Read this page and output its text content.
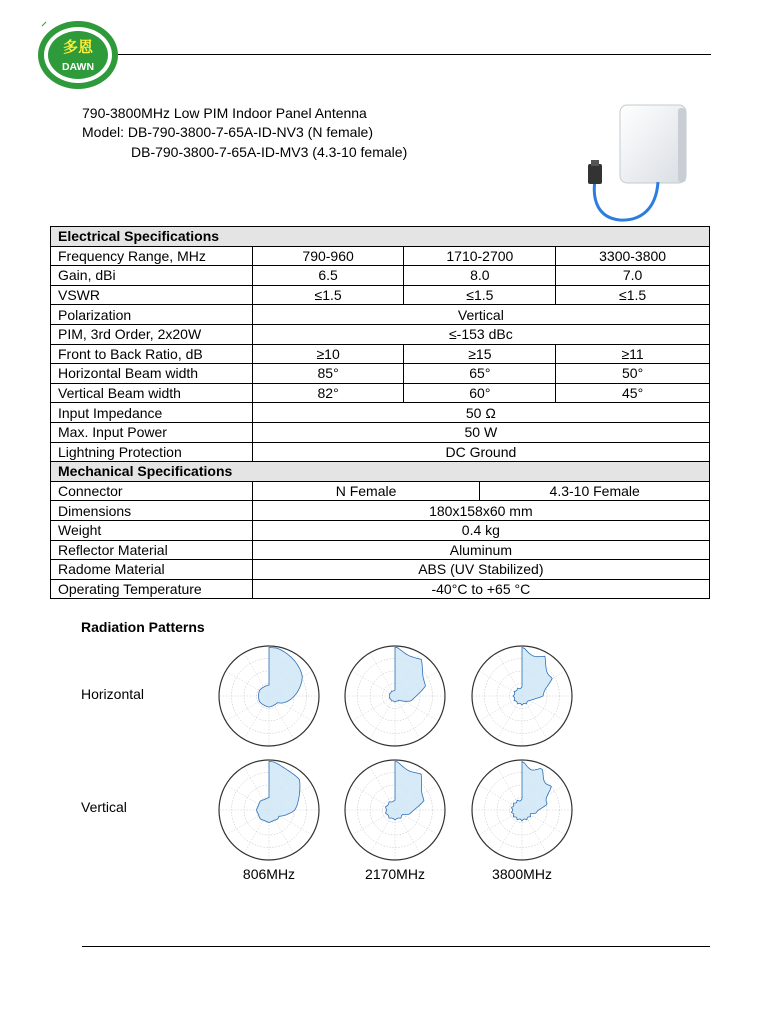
多恩
DAWN
790-3800MHz Low PIM Indoor Panel Antenna
Model: DB-790-3800-7-65A-ID-NV3 (N female)
DB-790-3800-7-65A-ID-MV3 (4.3-10 female)
Electrical Specifications				
Frequency Range, MHz	790-960	1710-2700		3300-3800
Gain, dBi	6.5	8.0		7.0
VSWR	≤1.5	≤1.5		≤1.5
Polarization	Vertical			
PIM, 3rd Order, 2x20W	≤-153 dBc			
Front to Back Ratio, dB	≥10	≥15		≥11
Horizontal Beam width	85°	65°		50°
Vertical Beam width	82°	60°		45°
Input Impedance	50 Ω			
Max. Input Power	50 W			
Lightning Protection	DC Ground			
Mechanical Specifications				
Connector	N Female		4.3-10 Female	
Dimensions	180x158x60 mm			
Weight	0.4 kg			
Reflector Material	Aluminum			
Radome Material	ABS (UV Stabilized)			
Operating Temperature	-40°C to +65 °C			
Radiation Patterns
Horizontal
Vertical
806MHz	2170MHz	3800MHz
